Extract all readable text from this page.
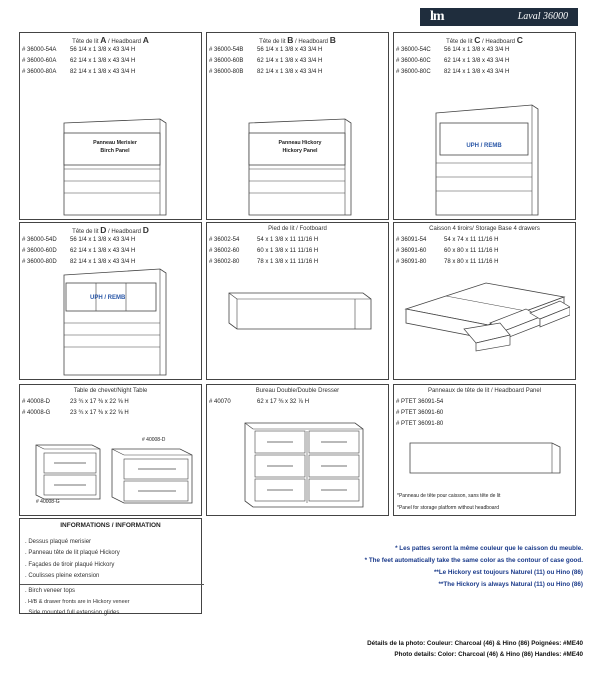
lm	Laval 36000
Tête de lit A / Headboard A
# 36000-54A	56 1/4 x 1 3/8 x 43 3/4 H
# 36000-60A	62 1/4 x 1 3/8 x 43 3/4 H
# 36000-80A	82 1/4 x 1 3/8 x 43 3/4 H
Panneau Merisier
Birch Panel
Tête de lit B / Headboard B
# 36000-54B	56 1/4 x 1 3/8 x 43 3/4 H
# 36000-60B	62 1/4 x 1 3/8 x 43 3/4 H
# 36000-80B	82 1/4 x 1 3/8 x 43 3/4 H
Panneau Hickory
Hickory Panel
Tête de lit C / Headboard C
# 36000-54C	56 1/4 x 1 3/8 x 43 3/4 H
# 36000-60C	62 1/4 x 1 3/8 x 43 3/4 H
# 36000-80C	82 1/4 x 1 3/8 x 43 3/4 H
UPH / REMB
Tête de lit D / Headboard D
# 36000-54D	56 1/4 x 1 3/8 x 43 3/4 H
# 36000-60D	62 1/4 x 1 3/8 x 43 3/4 H
# 36000-80D	82 1/4 x 1 3/8 x 43 3/4 H
UPH / REMB
Pied de lit / Footboard
# 36002-54	54 x 1 3/8 x 11 11/16 H
# 36002-60	60 x 1 3/8 x 11 11/16 H
# 36002-80	78 x 1 3/8 x 11 11/16 H
Caisson 4 tiroirs/ Storage Base 4 drawers
# 36091-54	54 x 74 x 11 11/16 H
# 36091-60	60 x 80 x 11 11/16 H
# 36091-80	78 x 80 x 11 11/16 H
Table de chevet/Night Table
# 40008-D	23 ¾ x 17 ⅜ x 22 ⅝ H
# 40008-G	23 ¾ x 17 ⅜ x 22 ⅝ H
# 40008-D
# 40008-G
Bureau Double/Double Dresser
# 40070	62 x 17 ⅜ x 32 ⅞ H
Panneaux de tête de lit / Headboard Panel
# PTET 36091-54
# PTET 36091-60
# PTET 36091-80
*Panneau de tête pour caisson, sans tête de lit
*Panel for storage platform without headboard
INFORMATIONS / INFORMATION
. Dessus plaqué merisier
. Panneau tête de lit plaqué Hickory
. Façades de tiroir plaqué Hickory
. Coulisses pleine extension
. Birch veneer tops
. H/B & drawer fronts are in Hickory veneer
. Side mounted full extension glides
* Les pattes seront la même couleur que le caisson du meuble.
* The feet automatically take the same color as the contour of case good.
**Le Hickory est toujours Naturel (11) ou Hino (86)
**The Hickory is always Natural (11) ou Hino (86)
Détails de la photo: Couleur: Charcoal (46) & Hino (86) Poignées: #ME40
Photo details: Color: Charcoal (46) & Hino (86) Handles: #ME40
